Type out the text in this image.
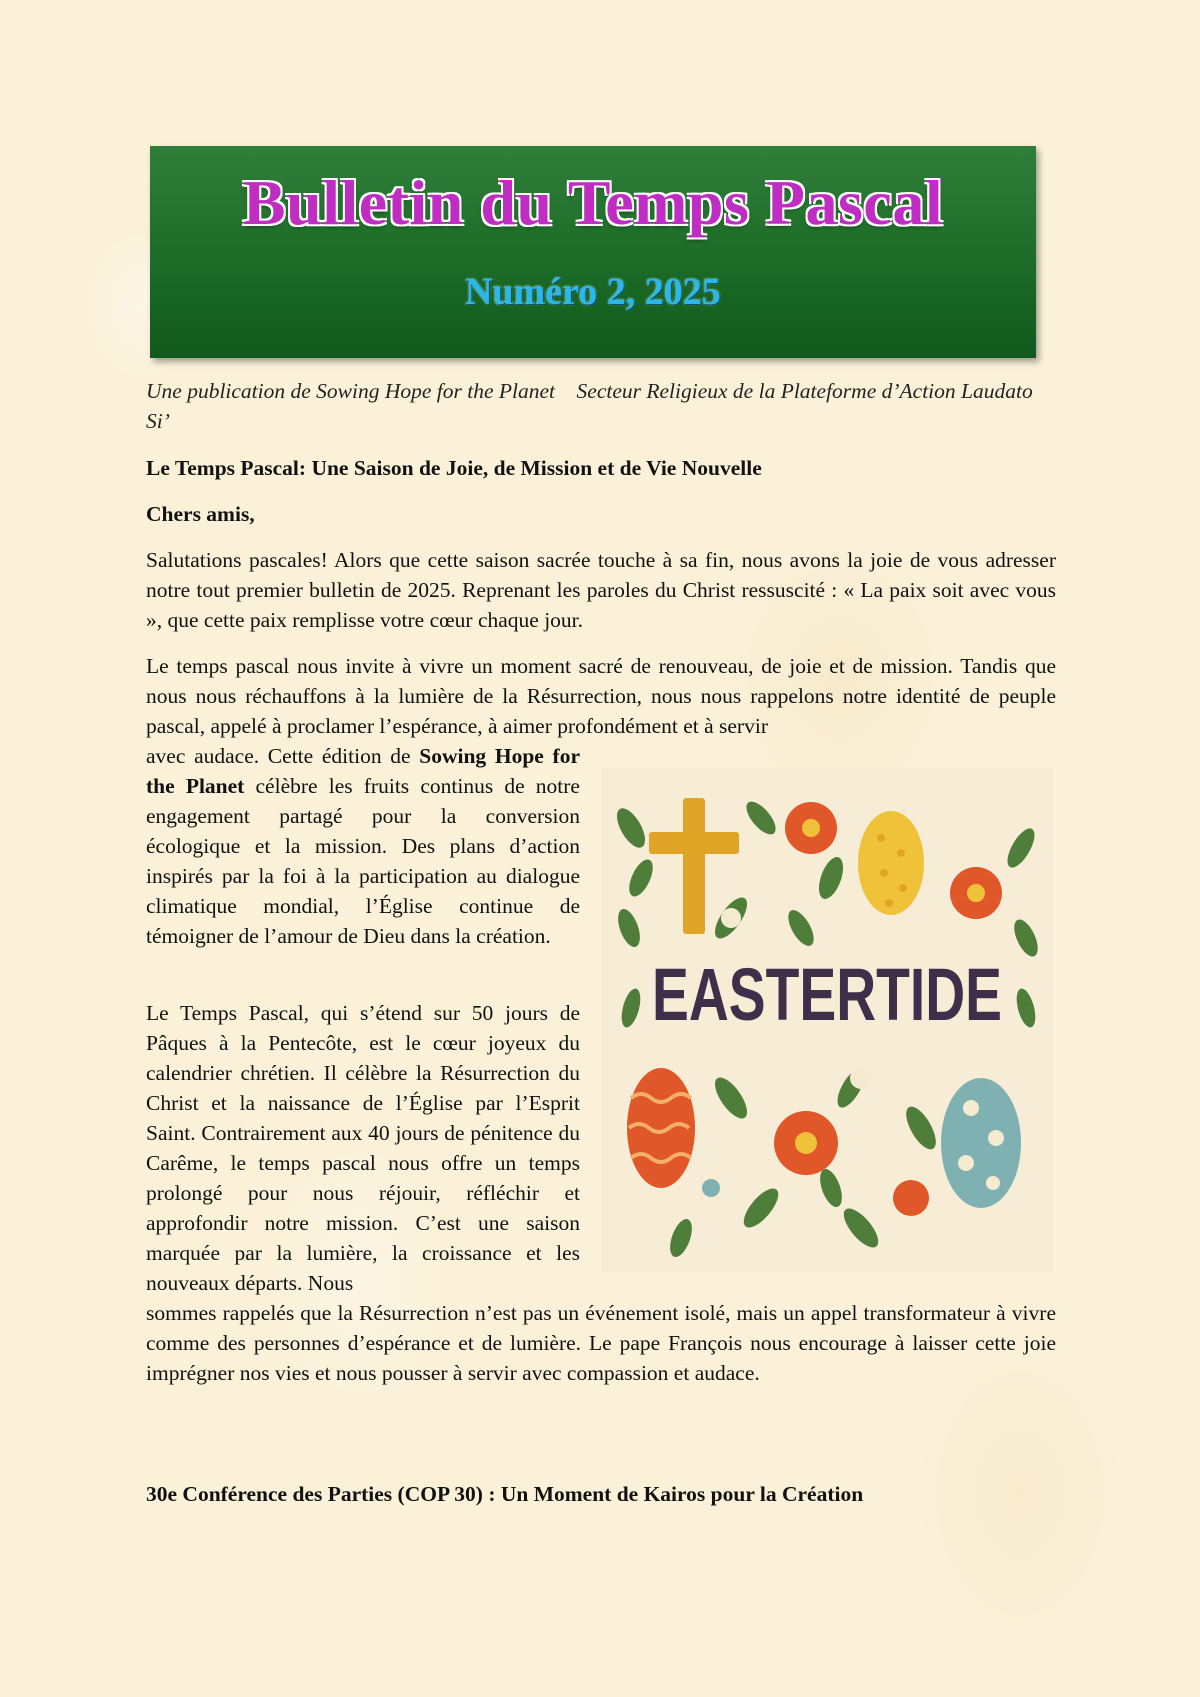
Bulletin du Temps Pascal
Numéro 2, 2025
Une publication de Sowing Hope for the Planet    Secteur Religieux de la Plateforme d’Action Laudato Si’
Le Temps Pascal: Une Saison de Joie, de Mission et de Vie Nouvelle
Chers amis,
Salutations pascales! Alors que cette saison sacrée touche à sa fin, nous avons la joie de vous adresser notre tout premier bulletin de 2025. Reprenant les paroles du Christ ressuscité : « La paix soit avec vous », que cette paix remplisse votre cœur chaque jour.
Le temps pascal nous invite à vivre un moment sacré de renouveau, de joie et de mission. Tandis que nous nous réchauffons à la lumière de la Résurrection, nous nous rappelons notre identité de peuple pascal, appelé à proclamer l’espérance, à aimer profondément et à servir
avec audace. Cette édition de Sowing Hope for the Planet célèbre les fruits continus de notre engagement partagé pour la conversion écologique et la mission. Des plans d’action inspirés par la foi à la participation au dialogue climatique mondial, l’Église continue de témoigner de l’amour de Dieu dans la création.
Le Temps Pascal, qui s’étend sur 50 jours de Pâques à la Pentecôte, est le cœur joyeux du calendrier chrétien. Il célèbre la Résurrection du Christ et la naissance de l’Église par l’Esprit Saint. Contrairement aux 40 jours de pénitence du Carême, le temps pascal nous offre un temps prolongé pour nous réjouir, réfléchir et approfondir notre mission. C’est une saison marquée par la lumière, la croissance et les nouveaux départs. Nous
EASTERTIDE
sommes rappelés que la Résurrection n’est pas un événement isolé, mais un appel transformateur à vivre comme des personnes d’espérance et de lumière. Le pape François nous encourage à laisser cette joie imprégner nos vies et nous pousser à servir avec compassion et audace.
30e Conférence des Parties (COP 30) : Un Moment de Kairos pour la Création
